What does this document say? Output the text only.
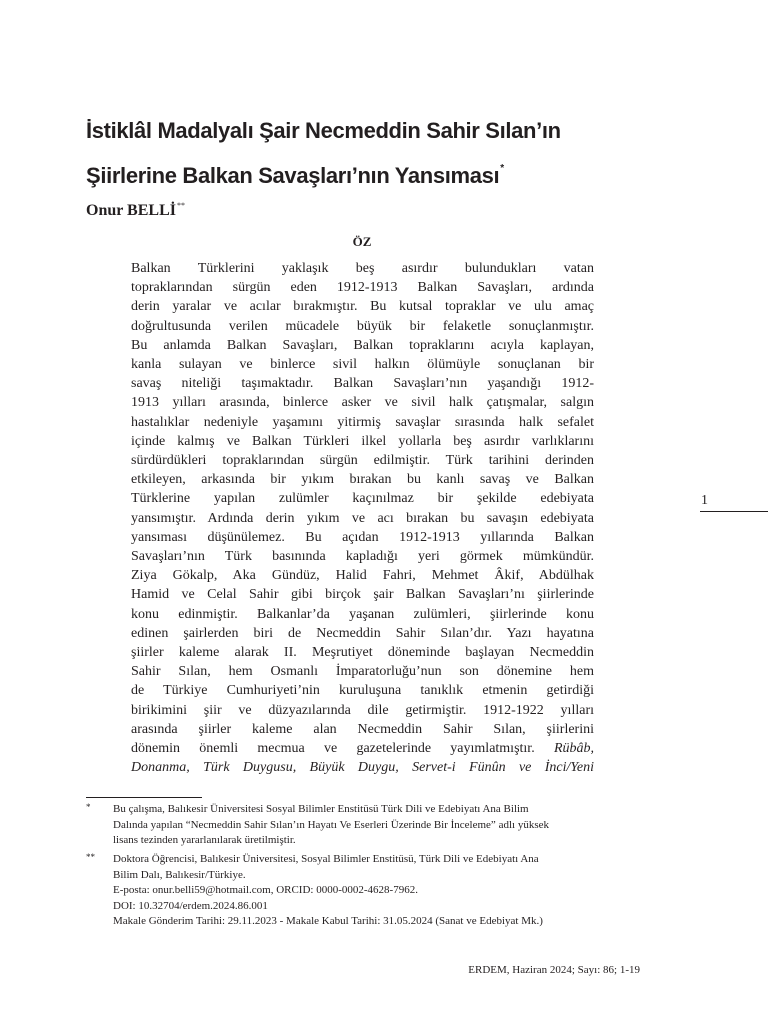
İstiklâl Madalyalı Şair Necmeddin Sahir Sılan’ın
Şiirlerine Balkan Savaşları’nın Yansıması*
Onur BELLİ**
ÖZ
Balkan Türklerini yaklaşık beş asırdır bulundukları vatan
topraklarından sürgün eden 1912-1913 Balkan Savaşları, ardında
derin yaralar ve acılar bırakmıştır. Bu kutsal topraklar ve ulu amaç
doğrultusunda verilen mücadele büyük bir felaketle sonuçlanmıştır.
Bu anlamda Balkan Savaşları, Balkan topraklarını acıyla kaplayan,
kanla sulayan ve binlerce sivil halkın ölümüyle sonuçlanan bir
savaş niteliği taşımaktadır. Balkan Savaşları’nın yaşandığı 1912-
1913 yılları arasında, binlerce asker ve sivil halk çatışmalar, salgın
hastalıklar nedeniyle yaşamını yitirmiş savaşlar sırasında halk sefalet
içinde kalmış ve Balkan Türkleri ilkel yollarla beş asırdır varlıklarını
sürdürdükleri topraklarından sürgün edilmiştir. Türk tarihini derinden
etkileyen, arkasında bir yıkım bırakan bu kanlı savaş ve Balkan
Türklerine yapılan zulümler kaçınılmaz bir şekilde edebiyata
yansımıştır. Ardında derin yıkım ve acı bırakan bu savaşın edebiyata
yansıması düşünülemez. Bu açıdan 1912-1913 yıllarında Balkan
Savaşları’nın Türk basınında kapladığı yeri görmek mümkündür.
Ziya Gökalp, Aka Gündüz, Halid Fahri, Mehmet Âkif, Abdülhak
Hamid ve Celal Sahir gibi birçok şair Balkan Savaşları’nı şiirlerinde
konu edinmiştir. Balkanlar’da yaşanan zulümleri, şiirlerinde konu
edinen şairlerden biri de Necmeddin Sahir Sılan’dır. Yazı hayatına
şiirler kaleme alarak II. Meşrutiyet döneminde başlayan Necmeddin
Sahir Sılan, hem Osmanlı İmparatorluğu’nun son dönemine hem
de Türkiye Cumhuriyeti’nin kuruluşuna tanıklık etmenin getirdiği
birikimini şiir ve düzyazılarında dile getirmiştir. 1912-1922 yılları
arasında şiirler kaleme alan Necmeddin Sahir Sılan, şiirlerini
dönemin önemli mecmua ve gazetelerinde yayımlatmıştır. Rübâb,
Donanma, Türk Duygusu, Büyük Duygu, Servet-i Fünûn ve İnci/Yeni
1
* Bu çalışma, Balıkesir Üniversitesi Sosyal Bilimler Enstitüsü Türk Dili ve Edebiyatı Ana Bilim
Dalında yapılan “Necmeddin Sahir Sılan’ın Hayatı Ve Eserleri Üzerinde Bir İnceleme” adlı yüksek
lisans tezinden yararlanılarak üretilmiştir.
** Doktora Öğrencisi, Balıkesir Üniversitesi, Sosyal Bilimler Enstitüsü, Türk Dili ve Edebiyatı Ana
Bilim Dalı, Balıkesir/Türkiye.
E-posta: onur.belli59@hotmail.com, ORCID: 0000-0002-4628-7962.
DOI: 10.32704/erdem.2024.86.001
Makale Gönderim Tarihi: 29.11.2023 - Makale Kabul Tarihi: 31.05.2024 (Sanat ve Edebiyat Mk.)
ERDEM, Haziran 2024; Sayı: 86; 1-19
